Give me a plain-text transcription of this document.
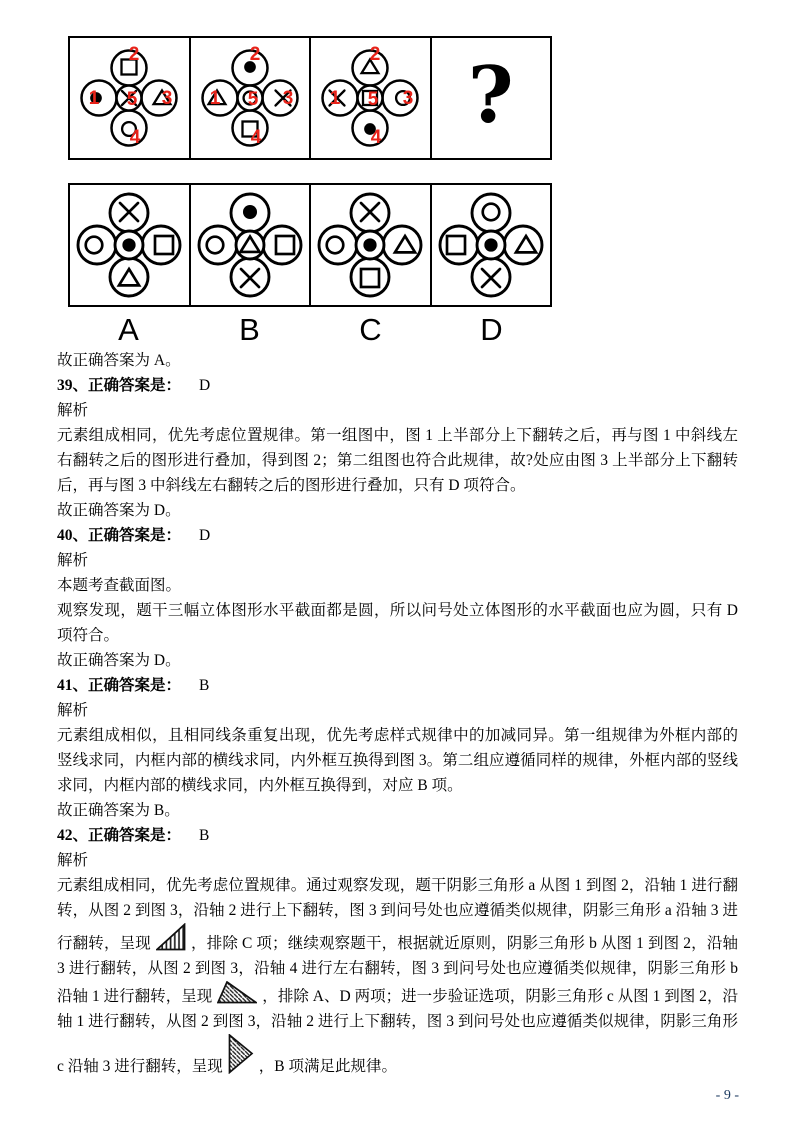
2
1 5 3
4
2
1 5 3
4
2
1 5 3
4 ?
A	B	C	D

故正确答案为 A。

39、正确答案是： D

解析

元素组成相同，优先考虑位置规律。第一组图中，图 1 上半部分上下翻转之后，再与图 1 中斜线左右翻转之后的图形进行叠加，得到图 2；第二组图也符合此规律，故?处应由图 3 上半部分上下翻转后，再与图 3 中斜线左右翻转之后的图形进行叠加，只有 D 项符合。

故正确答案为 D。

40、正确答案是： D

解析

本题考查截面图。

观察发现，题干三幅立体图形水平截面都是圆，所以问号处立体图形的水平截面也应为圆，只有 D 项符合。

故正确答案为 D。

41、正确答案是： B

解析

元素组成相似，且相同线条重复出现，优先考虑样式规律中的加减同异。第一组规律为外框内部的竖线求同，内框内部的横线求同，内外框互换得到图 3。第二组应遵循同样的规律，外框内部的竖线求同，内框内部的横线求同，内外框互换得到，对应 B 项。

故正确答案为 B。

42、正确答案是： B

解析

元素组成相同，优先考虑位置规律。通过观察发现，题干阴影三角形 a 从图 1 到图 2，沿轴 1 进行翻转，从图 2 到图 3，沿轴 2 进行上下翻转，图 3 到问号处也应遵循类似规律，阴影三角形 a 沿轴 3 进行翻转，呈现	，排除 C 项；继续观察题干，根据就近原则，阴影三角形 b 从图 1 到图 2，沿轴 3 进行翻转，从图 2 到图 3，沿轴 4 进行左右翻转，图 3 到问号处也应遵循类似规律，阴影三角形 b 沿轴 1 进行翻转，呈现	，排除 A、D 两项；进一步验证选项，阴影三角形 c 从图 1 到图 2，沿轴 1 进行翻转，从图 2 到图 3，沿轴 2 进行上下翻转，图 3 到问号处也应遵循类似规律，阴影三角形 c 沿轴 3 进行翻转，呈现 ，B 项满足此规律。

- 9 -
